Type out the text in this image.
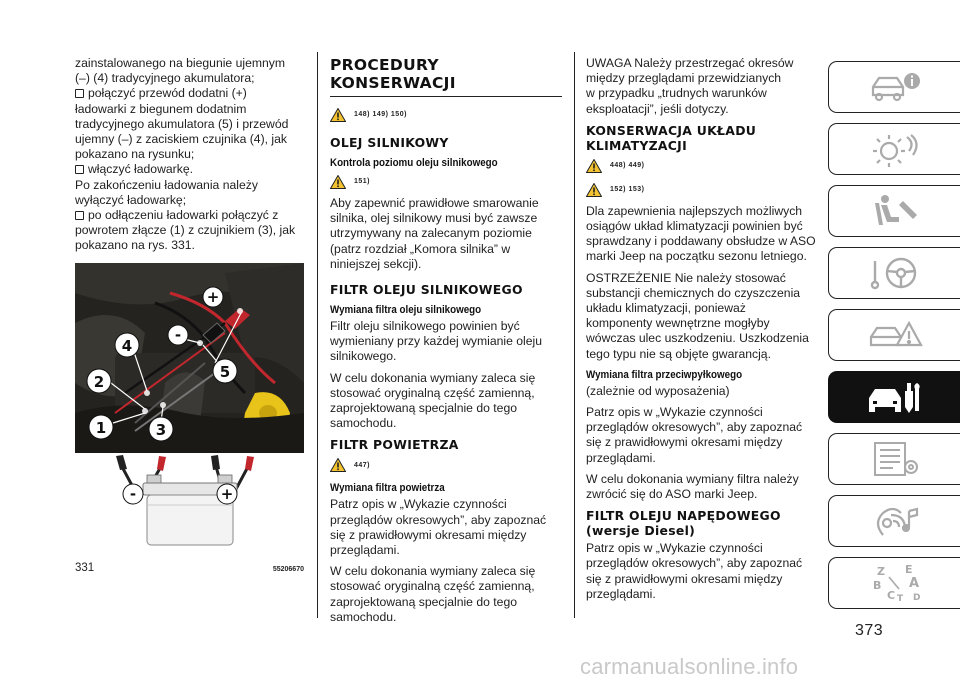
zainstalowanego na biegunie ujemnym
(–) (4) tradycyjnego akumulatora;
połączyć przewód dodatni (+)
ładowarki z biegunem dodatnim
tradycyjnego akumulatora (5) i przewód
ujemny (–) z zaciskiem czujnika (4), jak
pokazano na rysunku;
włączyć ładowarkę.
Po zakończeniu ładowania należy
wyłączyć ładowarkę;
po odłączeniu ładowarki połączyć z
powrotem złącze (1) z czujnikiem (3), jak
pokazano na rys. 331.
+
-
4
2
5
1	3
-	+
331	55206670
PROCEDURY
KONSERWACJI
148) 149) 150)
OLEJ SILNIKOWY
Kontrola poziomu oleju silnikowego
151)
Aby zapewnić prawidłowe smarowanie
silnika, olej silnikowy musi być zawsze
utrzymywany na zalecanym poziomie
(patrz rozdział „Komora silnika” w
niniejszej sekcji).
FILTR OLEJU SILNIKOWEGO
Wymiana filtra oleju silnikowego
Filtr oleju silnikowego powinien być
wymieniany przy każdej wymianie oleju
silnikowego.
W celu dokonania wymiany zaleca się
stosować oryginalną część zamienną,
zaprojektowaną specjalnie do tego
samochodu.
FILTR POWIETRZA
447)
Wymiana filtra powietrza
Patrz opis w „Wykazie czynności
przeglądów okresowych”, aby zapoznać
się z prawidłowymi okresami między
przeglądami.
W celu dokonania wymiany zaleca się
stosować oryginalną część zamienną,
zaprojektowaną specjalnie do tego
samochodu.
UWAGA Należy przestrzegać okresów
między przeglądami przewidzianych
w przypadku „trudnych warunków
eksploatacji”, jeśli dotyczy.
KONSERWACJA UKŁADU
KLIMATYZACJI
448) 449)
152) 153)
Dla zapewnienia najlepszych możliwych
osiągów układ klimatyzacji powinien być
sprawdzany i poddawany obsłudze w ASO
marki Jeep na początku sezonu letniego.
OSTRZEŻENIE Nie należy stosować
substancji chemicznych do czyszczenia
układu klimatyzacji, ponieważ
komponenty wewnętrzne mogłyby
wówczas ulec uszkodzeniu. Uszkodzenia
tego typu nie są objęte gwarancją.
Wymiana filtra przeciwpyłkowego
(zależnie od wyposażenia)
Patrz opis w „Wykazie czynności
przeglądów okresowych”, aby zapoznać
się z prawidłowymi okresami między
przeglądami.
W celu dokonania wymiany filtra należy
zwrócić się do ASO marki Jeep.
FILTR OLEJU NAPĘDOWEGO
(wersje Diesel)
Patrz opis w „Wykazie czynności
przeglądów okresowych”, aby zapoznać
się z prawidłowymi okresami między
przeglądami.
Z E
B A
C T D
373
carmanualsonline.info
